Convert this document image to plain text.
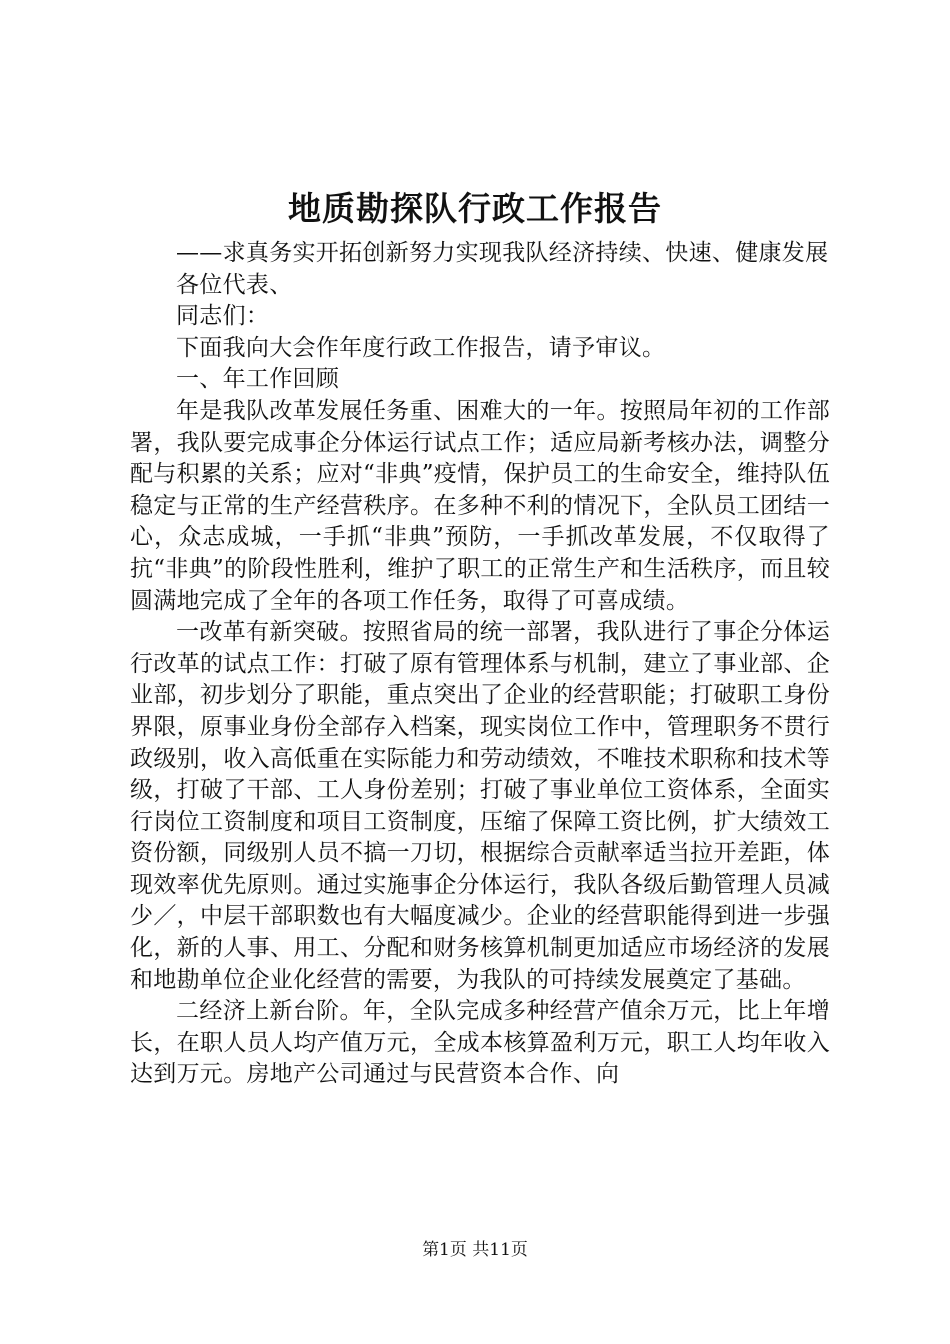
地质勘探队行政工作报告

——求真务实开拓创新努力实现我队经济持续、快速、健康发展

各位代表、

同志们：

下面我向大会作年度行政工作报告，请予审议。

一、年工作回顾

年是我队改革发展任务重、困难大的一年。按照局年初的工作部署，我队要完成事企分体运行试点工作；适应局新考核办法，调整分配与积累的关系；应对“非典”疫情，保护员工的生命安全，维持队伍稳定与正常的生产经营秩序。在多种不利的情况下，全队员工团结一心，众志成城，一手抓“非典”预防，一手抓改革发展，不仅取得了抗“非典”的阶段性胜利，维护了职工的正常生产和生活秩序，而且较圆满地完成了全年的各项工作任务，取得了可喜成绩。

一改革有新突破。按照省局的统一部署，我队进行了事企分体运行改革的试点工作：打破了原有管理体系与机制，建立了事业部、企业部，初步划分了职能，重点突出了企业的经营职能；打破职工身份界限，原事业身份全部存入档案，现实岗位工作中，管理职务不贯行政级别，收入高低重在实际能力和劳动绩效，不唯技术职称和技术等级，打破了干部、工人身份差别；打破了事业单位工资体系，全面实行岗位工资制度和项目工资制度，压缩了保障工资比例，扩大绩效工资份额，同级别人员不搞一刀切，根据综合贡献率适当拉开差距，体现效率优先原则。通过实施事企分体运行，我队各级后勤管理人员减少／，中层干部职数也有大幅度减少。企业的经营职能得到进一步强化，新的人事、用工、分配和财务核算机制更加适应市场经济的发展和地勘单位企业化经营的需要，为我队的可持续发展奠定了基础。

二经济上新台阶。年，全队完成多种经营产值余万元，比上年增长，在职人员人均产值万元，全成本核算盈利万元，职工人均年收入达到万元。房地产公司通过与民营资本合作、向

第1页 共11页
